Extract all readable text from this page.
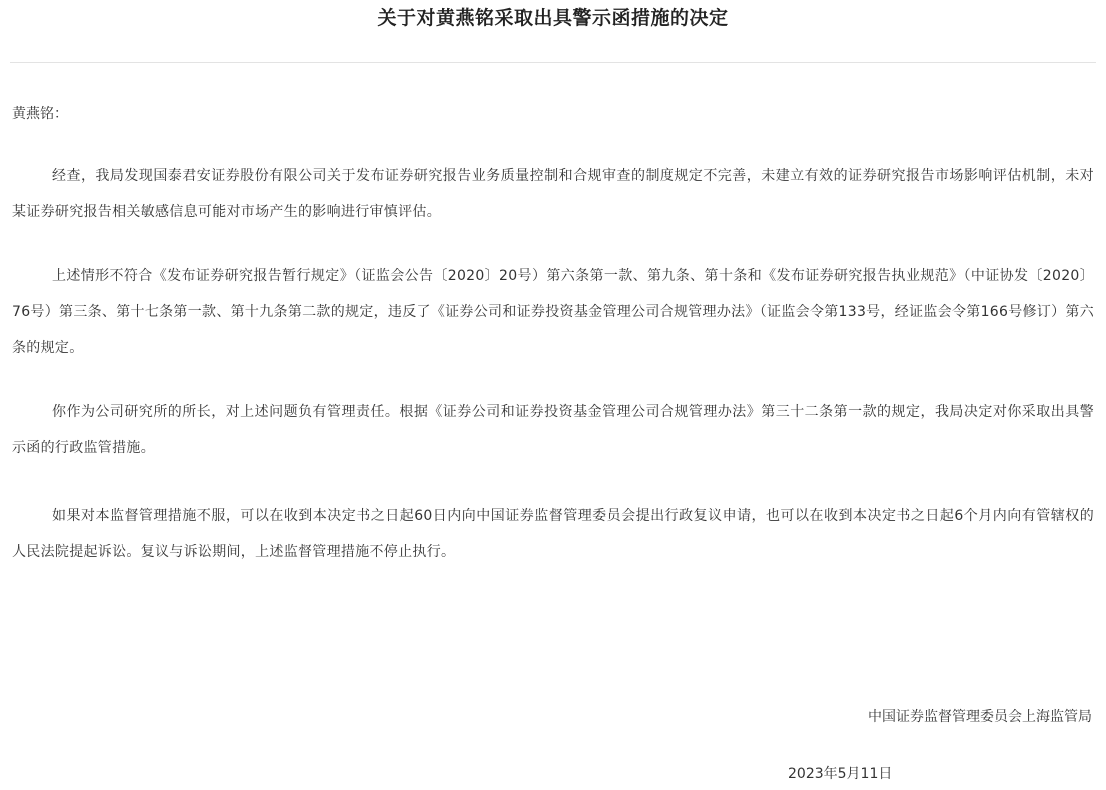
关于对黄燕铭采取出具警示函措施的决定

黄燕铭：

经查，我局发现国泰君安证券股份有限公司关于发布证券研究报告业务质量控制和合规审查的制度规定不完善，未建立有效的证券研究报告市场影响评估机制，未对某证券研究报告相关敏感信息可能对市场产生的影响进行审慎评估。

上述情形不符合《发布证券研究报告暂行规定》（证监会公告〔2020〕20号）第六条第一款、第九条、第十条和《发布证券研究报告执业规范》（中证协发〔2020〕76号）第三条、第十七条第一款、第十九条第二款的规定，违反了《证券公司和证券投资基金管理公司合规管理办法》（证监会令第133号，经证监会令第166号修订）第六条的规定。

你作为公司研究所的所长，对上述问题负有管理责任。根据《证券公司和证券投资基金管理公司合规管理办法》第三十二条第一款的规定，我局决定对你采取出具警示函的行政监管措施。

如果对本监督管理措施不服，可以在收到本决定书之日起60日内向中国证券监督管理委员会提出行政复议申请，也可以在收到本决定书之日起6个月内向有管辖权的人民法院提起诉讼。复议与诉讼期间，上述监督管理措施不停止执行。

中国证券监督管理委员会上海监管局
2023年5月11日
